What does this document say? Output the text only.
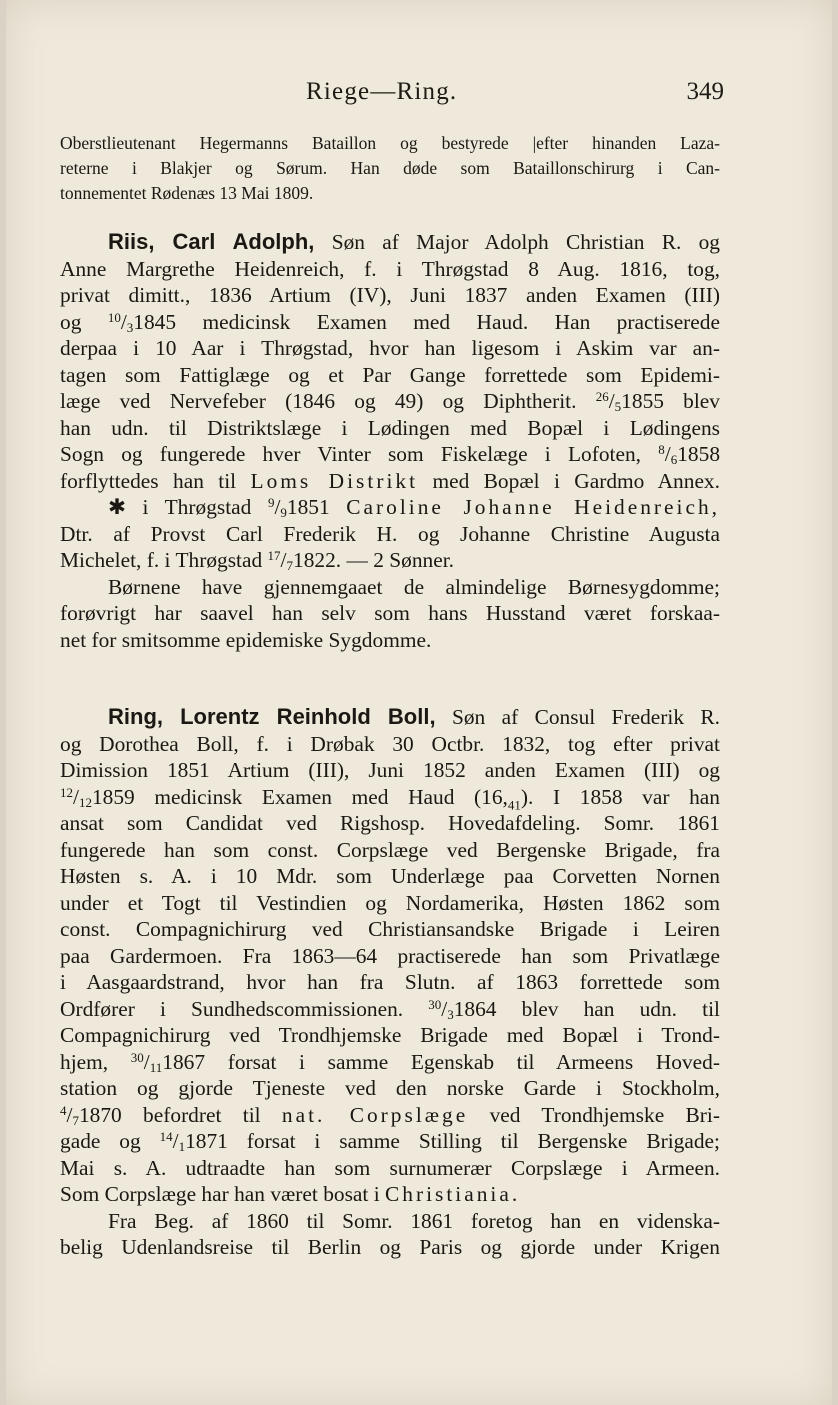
Riege—Ring.	349
Oberstlieutenant Hegermanns Bataillon og bestyrede |efter hinanden Laza-
reterne i Blakjer og Sørum. Han døde som Bataillonschirurg i Can-
tonnementet Rødenæs 13 Mai 1809.
Riis, Carl Adolph, Søn af Major Adolph Christian R. og
Anne Margrethe Heidenreich, f. i Thrøgstad 8 Aug. 1816, tog,
privat dimitt., 1836 Artium (IV), Juni 1837 anden Examen (III)
og $^{10}/_31845$ medicinsk Examen med Haud. Han practiserede
derpaa i 10 Aar i Thrøgstad, hvor han ligesom i Askim var an-
tagen som Fattiglæge og et Par Gange forrettede som Epidemi-
læge ved Nervefeber (1846 og 49) og Diphtherit. $^{26}/_51855$ blev
han udn. til Distriktslæge i Lødingen med Bopæl i Lødingens
Sogn og fungerede hver Vinter som Fiskelæge i Lofoten, $^8/_61858$
forflyttedes han til Loms Distrikt med Bopæl i Gardmo Annex.
✱ i Thrøgstad $^9/_91851$ Caroline Johanne Heidenreich,
Dtr. af Provst Carl Frederik H. og Johanne Christine Augusta
Michelet, f. i Thrøgstad $^{17}/_71822$. — 2 Sønner.
Børnene have gjennemgaaet de almindelige Børnesygdomme;
forøvrigt har saavel han selv som hans Husstand været forskaa-
net for smitsomme epidemiske Sygdomme.
Ring, Lorentz Reinhold Boll, Søn af Consul Frederik R.
og Dorothea Boll, f. i Drøbak 30 Octbr. 1832, tog efter privat
Dimission 1851 Artium (III), Juni 1852 anden Examen (III) og
$^{12}/_{12}1859$ medicinsk Examen med Haud $(16,_{41})$. I 1858 var han
ansat som Candidat ved Rigshosp. Hovedafdeling. Somr. 1861
fungerede han som const. Corpslæge ved Bergenske Brigade, fra
Høsten s. A. i 10 Mdr. som Underlæge paa Corvetten Nornen
under et Togt til Vestindien og Nordamerika, Høsten 1862 som
const. Compagnichirurg ved Christiansandske Brigade i Leiren
paa Gardermoen. Fra 1863—64 practiserede han som Privatlæge
i Aasgaardstrand, hvor han fra Slutn. af 1863 forrettede som
Ordfører i Sundhedscommissionen. $^{30}/_31864$ blev han udn. til
Compagnichirurg ved Trondhjemske Brigade med Bopæl i Trond-
hjem, $^{30}/_{11}1867$ forsat i samme Egenskab til Armeens Hoved-
station og gjorde Tjeneste ved den norske Garde i Stockholm,
$^4/_71870$ befordret til nat. Corpslæge ved Trondhjemske Bri-
gade og $^{14}/_11871$ forsat i samme Stilling til Bergenske Brigade;
Mai s. A. udtraadte han som surnumerær Corpslæge i Armeen.
Som Corpslæge har han været bosat i Christiania.
Fra Beg. af 1860 til Somr. 1861 foretog han en videnska-
belig Udenlandsreise til Berlin og Paris og gjorde under Krigen
